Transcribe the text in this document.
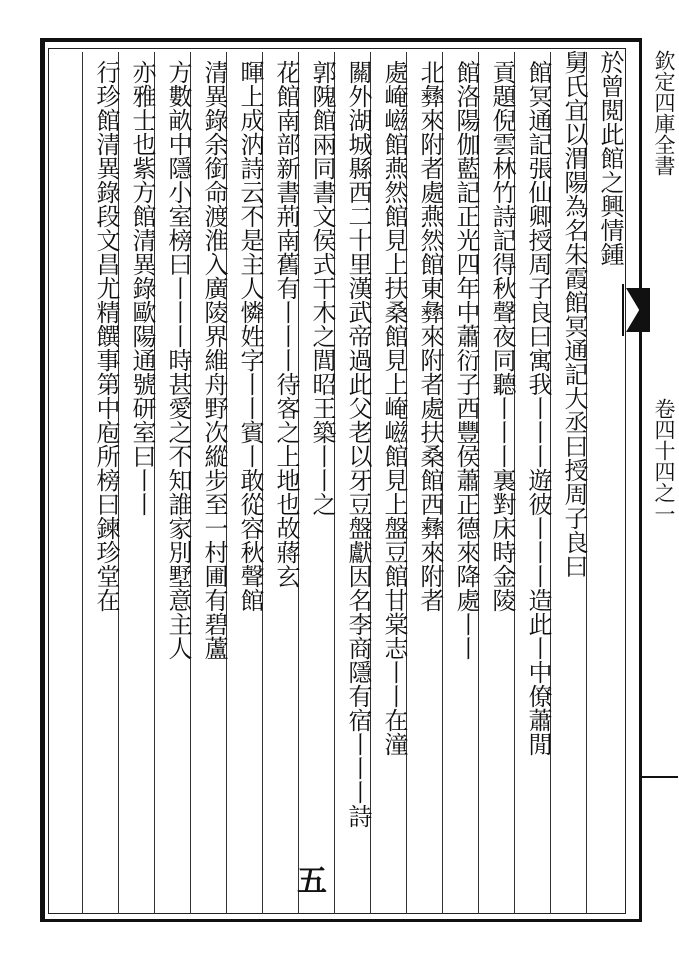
欽定四庫全書
卷四十四之一
於曾閲此館之興情鍾
舅氏宜以渭陽為名朱霞館冥通記大丞曰授周子良曰
館冥通記張仙卿授周子良曰寓我丨丨丨遊彼丨丨丨造此丨中僚蕭閒
貢題倪雲林竹詩記得秋聲夜同聽丨丨丨裏對床時金陵
館洛陽伽藍記正光四年中蕭衍子西豐侯蕭正德來降處丨丨
北彝來附者處燕然館東彝來附者處扶桑館西彝來附者
處崦嵫館燕然館見上扶桑館見上崦嵫館見上盤豆館甘棠志丨丨在潼
關外湖城縣西二十里漢武帝過此父老以牙豆盤獻因名李商隱有宿丨丨丨詩
郭隗館兩同書文侯式干木之閭昭王築丨丨之
花館南部新書荊南舊有丨丨丨待客之上地也故蔣玄
暉上成汭詩云不是主人憐姓字丨丨賓丨敢從容秋聲館
清異錄余銜命渡淮入廣陵界維舟野次縱步至一村圃有碧蘆
方數畝中隱小室榜曰丨丨丨時甚愛之不知誰家別墅意主人
亦雅士也紫方館清異錄歐陽通號研室曰丨丨
行珍館清異錄段文昌尤精饌事第中庖所榜曰鍊珍堂在
五
